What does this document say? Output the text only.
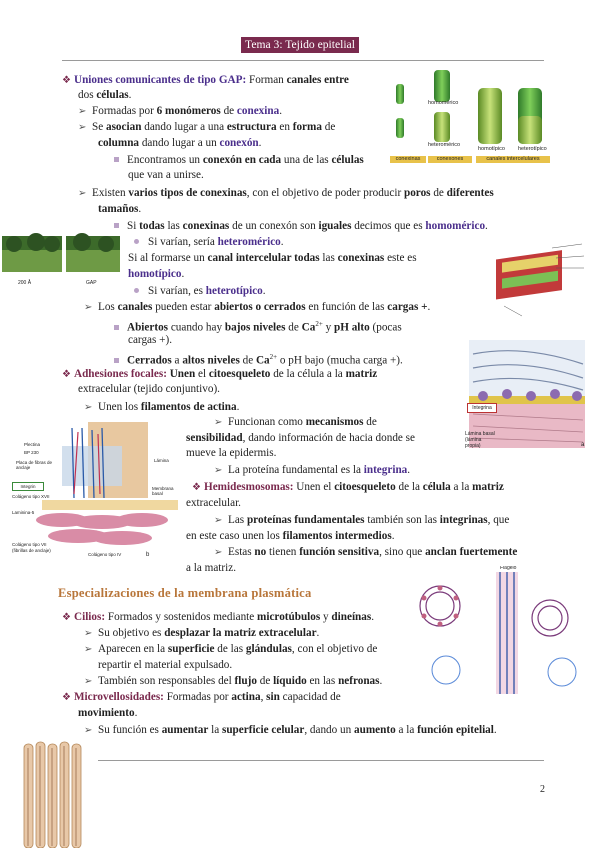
Tema 3: Tejido epitelial
homomérico
heteromérico
homotípico heterotípico
conexinas	conexones	canales intercelulares
200 Å	GAP
Integrina
Lámina basal
(lámina
propia)	a
Plectina
BP 230
Placa de fibras de anclaje
Integrin
Colágeno tipo XVII
Laminina-5
Colágeno tipo VII
(fibrillas de anclaje)
Colágeno tipo IV
Lámina
Membrana basal
b
Flagelo
❖ Uniones comunicantes de tipo GAP: Forman canales entre
dos células.
➢ Formadas por 6 monómeros de conexina.
➢ Se asocian dando lugar a una estructura en forma de
columna dando lugar a un conexón.
Encontramos un conexón en cada una de las células
que van a unirse.
➢ Existen varios tipos de conexinas, con el objetivo de poder producir poros de diferentes
tamaños.
Si todas las conexinas de un conexón son iguales decimos que es homomérico.
Si varían, sería heteromérico.
Si al formarse un canal intercelular todas las conexinas este es
homotípico.
Si varían, es heterotípico.
➢ Los canales pueden estar abiertos o cerrados en función de las cargas +.
Abiertos cuando hay bajos niveles de $Ca^{2+}$ y pH alto (pocas
cargas +).
Cerrados a altos niveles de $Ca^{2+}$ o pH bajo (mucha carga +).
❖ Adhesiones focales: Unen el citoesqueleto de la célula a la matriz
extracelular (tejido conjuntivo).
➢ Unen los filamentos de actina.
➢ Funcionan como mecanismos de
sensibilidad, dando información de hacia donde se
mueve la epidermis.
➢ La proteína fundamental es la integrina.
❖ Hemidesmosomas: Unen el citoesqueleto de la célula a la matriz
extracelular.
➢ Las proteínas fundamentales también son las integrinas, que
en este caso unen los filamentos intermedios.
➢ Estas no tienen función sensitiva, sino que anclan fuertemente
a la matriz.
Especializaciones de la membrana plasmática
❖ Cilios: Formados y sostenidos mediante microtúbulos y dineínas.
➢ Su objetivo es desplazar la matriz extracelular.
➢ Aparecen en la superficie de las glándulas, con el objetivo de
repartir el material expulsado.
➢ También son responsables del flujo de líquido en las nefronas.
❖ Microvellosidades: Formadas por actina, sin capacidad de
movimiento.
➢ Su función es aumentar la superficie celular, dando un aumento a la función epitelial.
2
